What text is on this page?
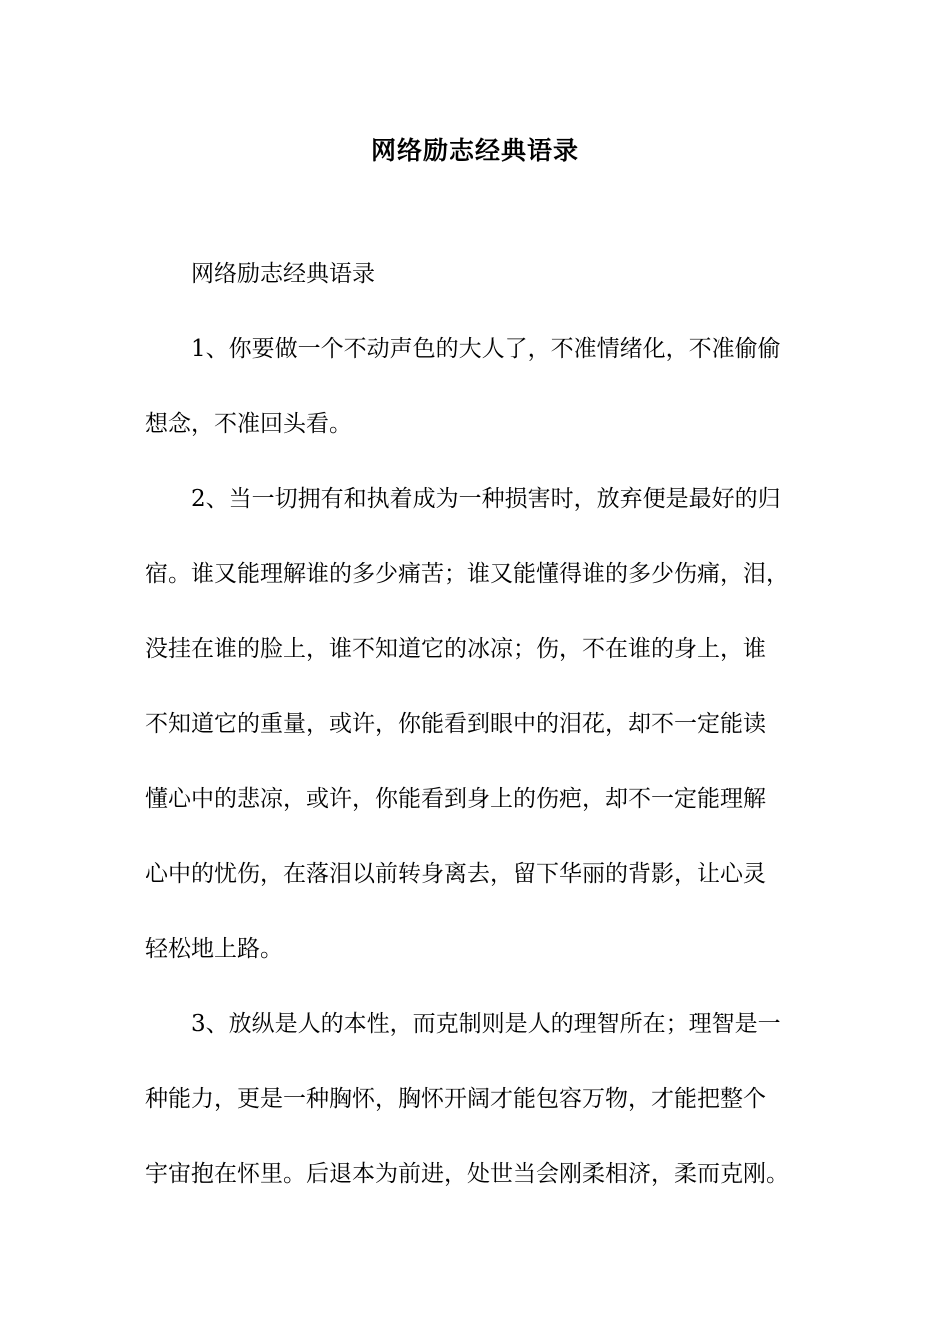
网络励志经典语录
网络励志经典语录
1、你要做一个不动声色的大人了，不准情绪化，不准偷偷
想念，不准回头看。
2、当一切拥有和执着成为一种损害时，放弃便是最好的归
宿。谁又能理解谁的多少痛苦；谁又能懂得谁的多少伤痛，泪，
没挂在谁的脸上，谁不知道它的冰凉；伤，不在谁的身上，谁
不知道它的重量，或许，你能看到眼中的泪花，却不一定能读
懂心中的悲凉，或许，你能看到身上的伤疤，却不一定能理解
心中的忧伤，在落泪以前转身离去，留下华丽的背影，让心灵
轻松地上路。
3、放纵是人的本性，而克制则是人的理智所在；理智是一
种能力，更是一种胸怀，胸怀开阔才能包容万物，才能把整个
宇宙抱在怀里。后退本为前进，处世当会刚柔相济，柔而克刚。
